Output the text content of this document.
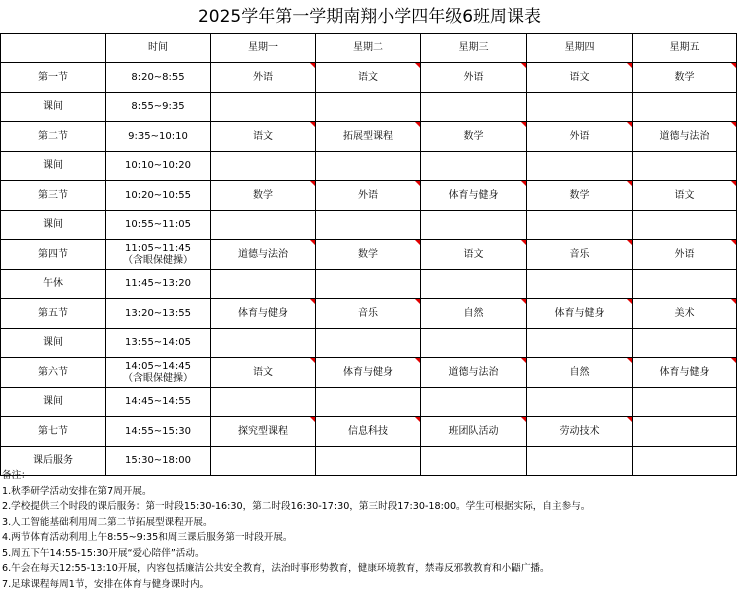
2025学年第一学期南翔小学四年级6班周课表
	时间	星期一	星期二	星期三	星期四	星期五
第一节	8:20~8:55	外语	语文	外语	语文	数学

课间	8:55~9:35					

第二节	9:35~10:10	语文	拓展型课程	数学	外语	道德与法治

课间	10:10~10:20					

第三节	10:20~10:55	数学	外语	体育与健身	数学	语文

课间	10:55~11:05					

第四节	11:05~11:45
（含眼保健操）	道德与法治	数学	语文	音乐	外语

午休	11:45~13:20					

第五节	13:20~13:55	体育与健身	音乐	自然	体育与健身	美术

课间	13:55~14:05					

第六节	14:05~14:45
（含眼保健操）	语文	体育与健身	道德与法治	自然	体育与健身

课间	14:45~14:55					

第七节	14:55~15:30	探究型课程	信息科技	班团队活动	劳动技术

课后服务	15:30~18:00					

备注：
1.秋季研学活动安排在第7周开展。
2.学校提供三个时段的课后服务：第一时段15:30-16:30，第二时段16:30-17:30，第三时段17:30-18:00。学生可根据实际，自主参与。
3.人工智能基础利用周二第二节拓展型课程开展。
4.两节体育活动利用上午8:55~9:35和周三课后服务第一时段开展。
5.周五下午14:55-15:30开展“爱心陪伴”活动。
6.午会在每天12:55-13:10开展，内容包括廉洁公共安全教育，法治时事形势教育，健康环境教育，禁毒反邪教教育和小鼯广播。
7.足球课程每周1节，安排在体育与健身课时内。
